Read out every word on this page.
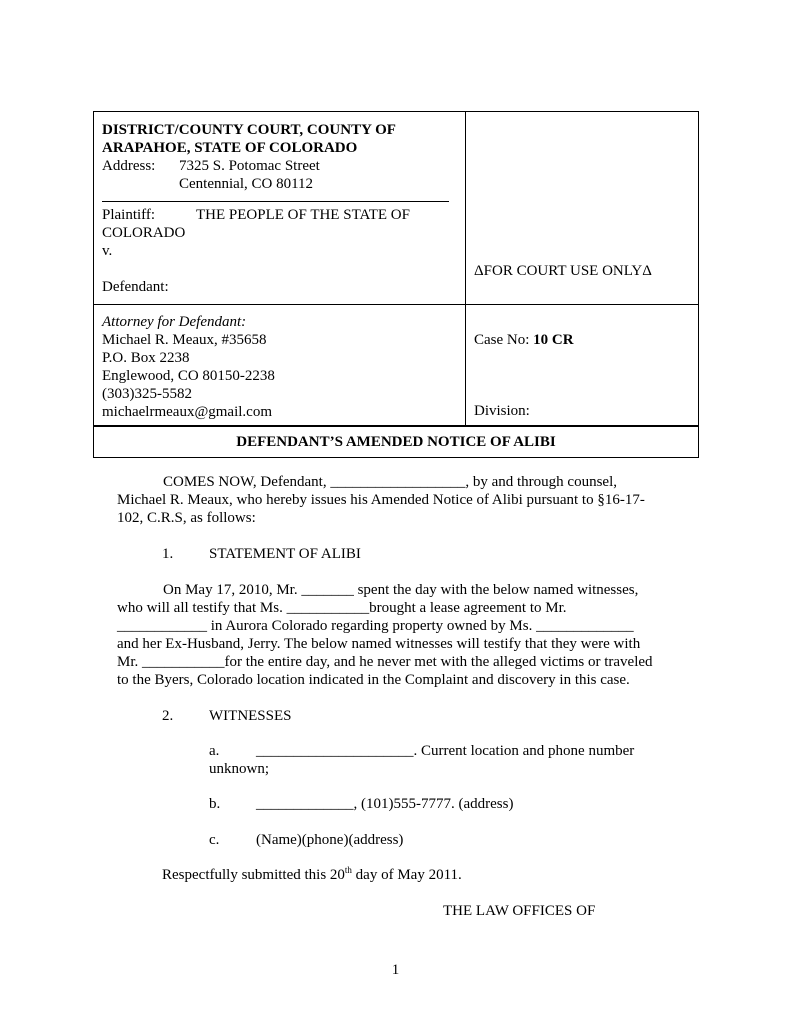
DISTRICT/COUNTY COURT, COUNTY OF
ARAPAHOE, STATE OF COLORADO
Address: 7325 S. Potomac Street
Centennial, CO 80112
Plaintiff:	THE PEOPLE OF THE STATE OF
COLORADO
v.
Defendant:
ΔFOR COURT USE ONLYΔ
Attorney for Defendant:
Michael R. Meaux, #35658
P.O. Box 2238
Englewood, CO 80150-2238
(303)325-5582
michaelrmeaux@gmail.com
Case No: 10 CR
Division:
DEFENDANT’S AMENDED NOTICE OF ALIBI
COMES NOW, Defendant, __________________, by and through counsel,
Michael R. Meaux, who hereby issues his Amended Notice of Alibi pursuant to §16-17-
102, C.R.S, as follows:
1. STATEMENT OF ALIBI
On May 17, 2010, Mr. _______ spent the day with the below named witnesses,
who will all testify that Ms. ___________brought a lease agreement to Mr.
____________ in Aurora Colorado regarding property owned by Ms. _____________
and her Ex-Husband, Jerry. The below named witnesses will testify that they were with
Mr. ___________for the entire day, and he never met with the alleged victims or traveled
to the Byers, Colorado location indicated in the Complaint and discovery in this case.
2. WITNESSES
a. _____________________. Current location and phone number
unknown;
b. _____________, (101)555-7777. (address)
c. (Name)(phone)(address)
Respectfully submitted this 20th day of May 2011.
THE LAW OFFICES OF
1
